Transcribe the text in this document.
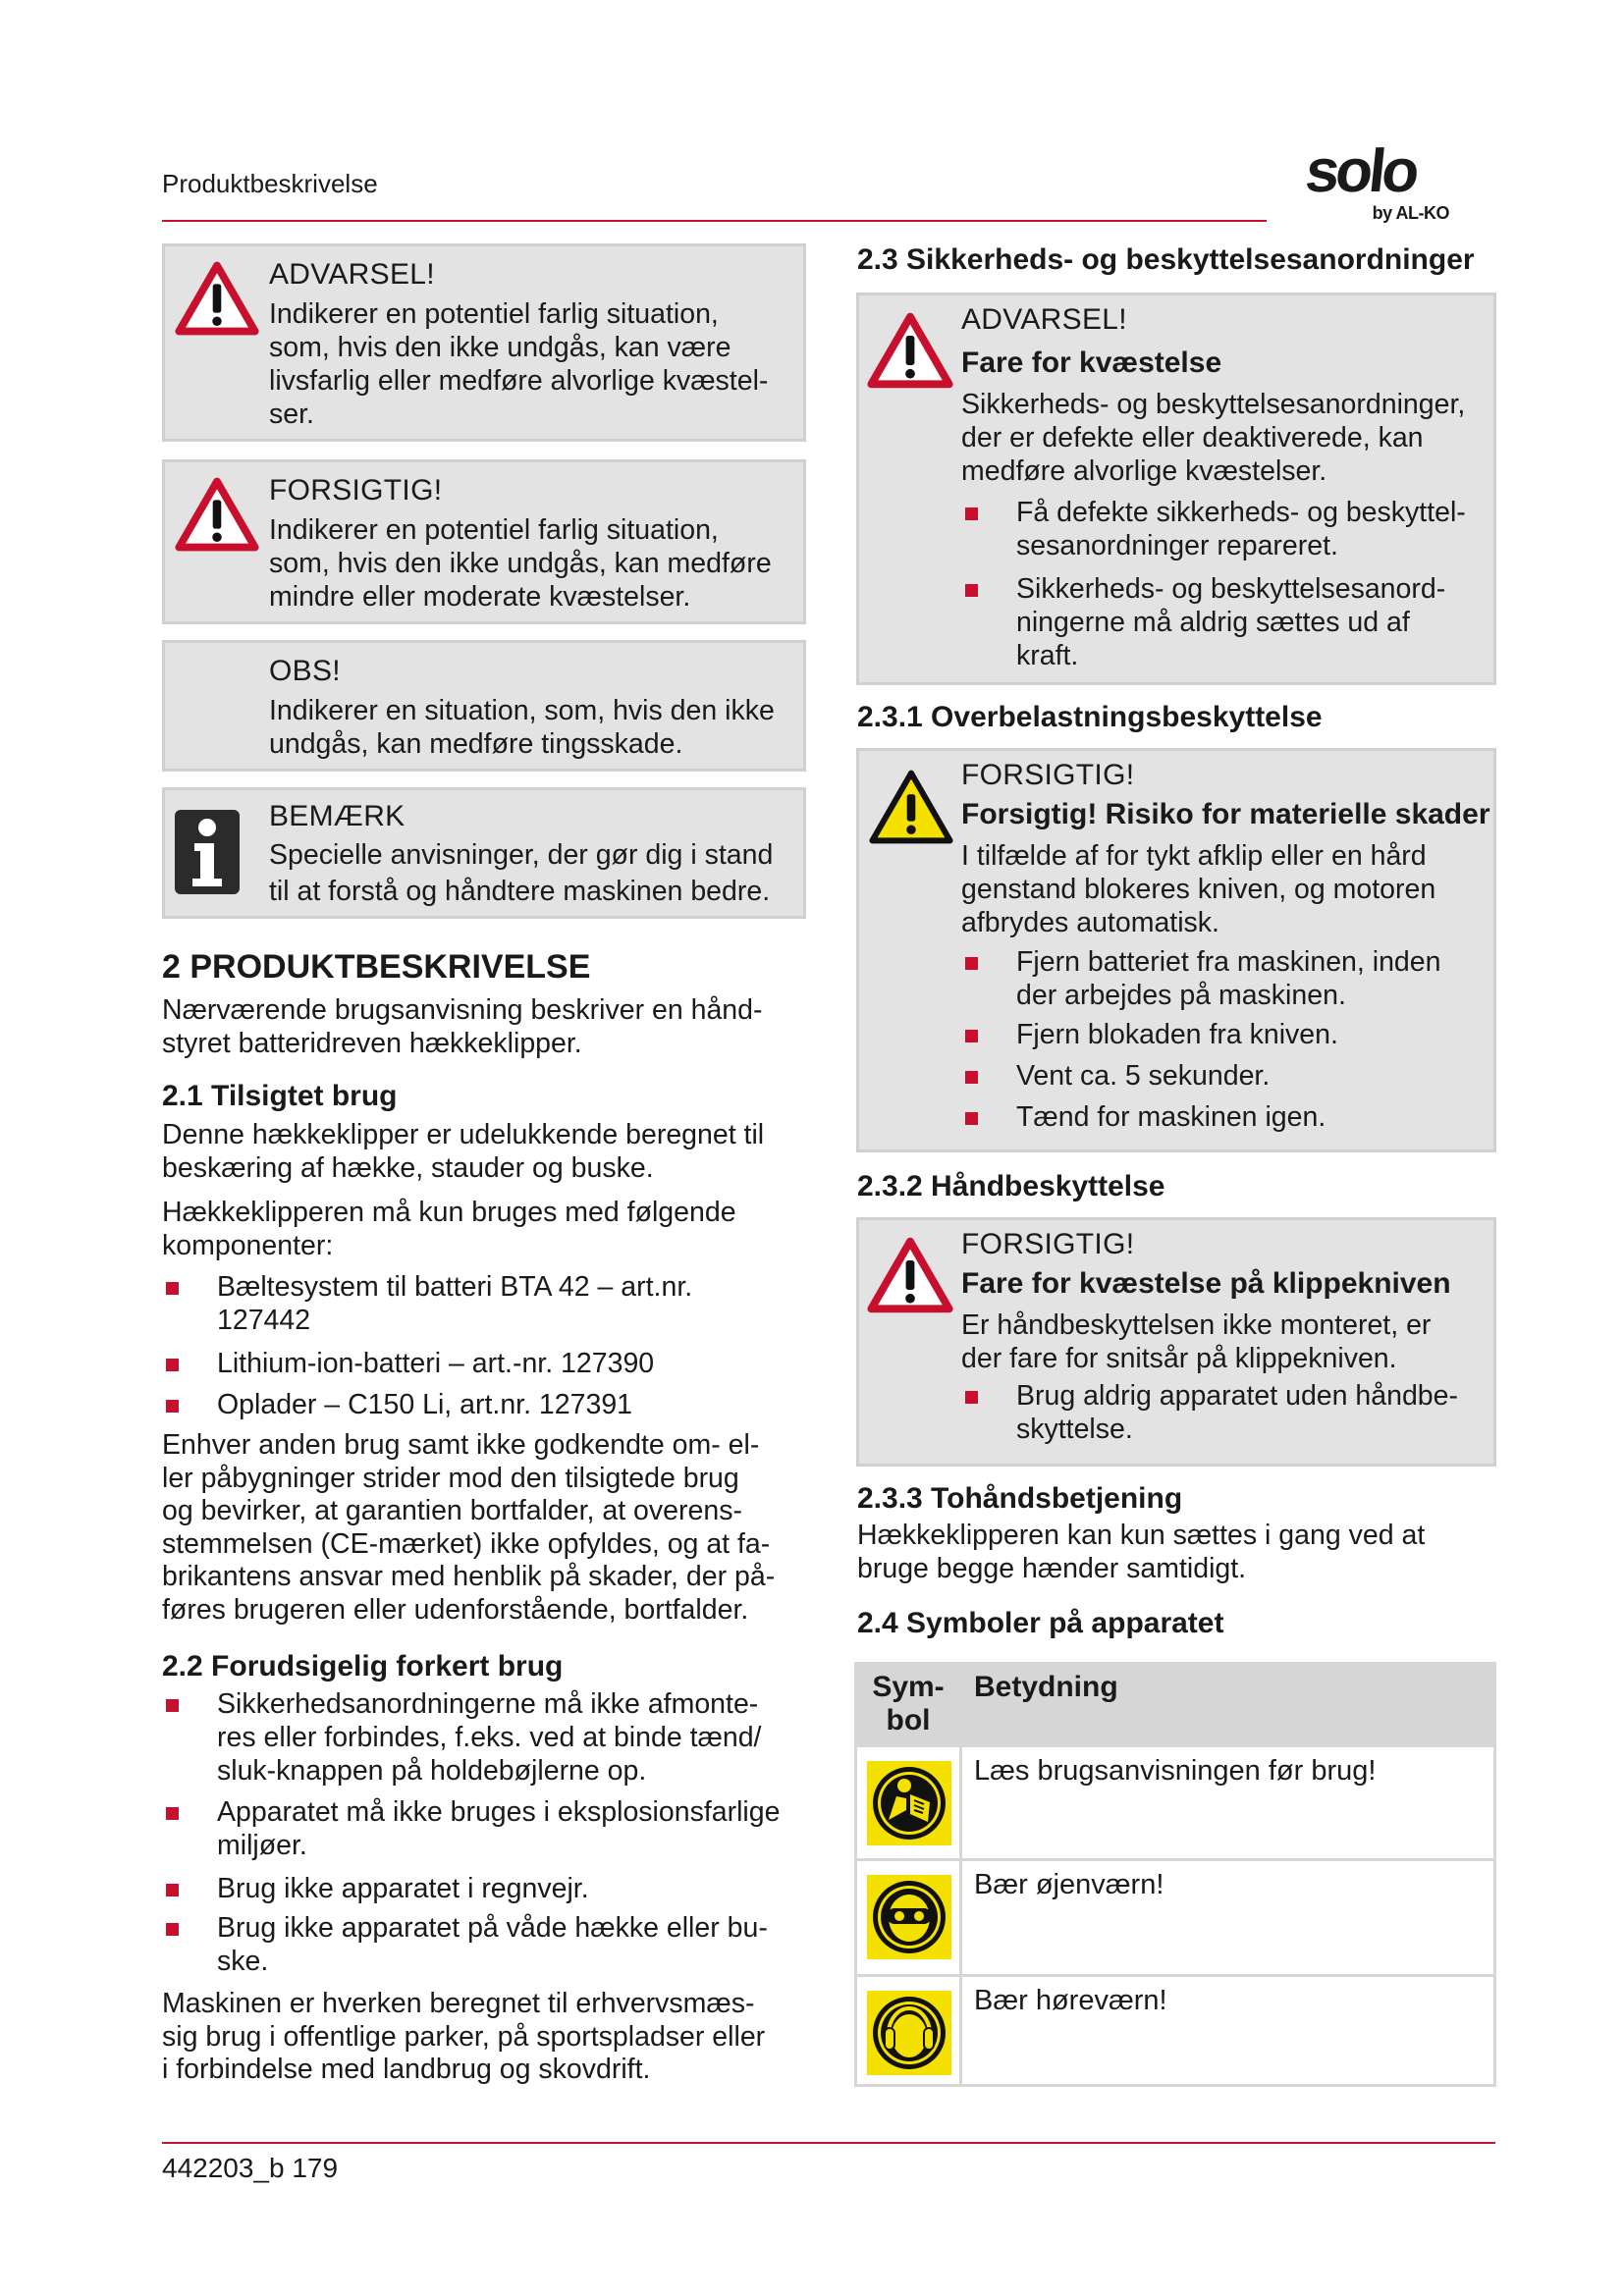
Produktbeskrivelse	solo
by AL-KO
ADVARSEL!
Indikerer en potentiel farlig situation,
som, hvis den ikke undgås, kan være
livsfarlig eller medføre alvorlige kvæstel-
ser.
FORSIGTIG!
Indikerer en potentiel farlig situation,
som, hvis den ikke undgås, kan medføre
mindre eller moderate kvæstelser.
OBS!
Indikerer en situation, som, hvis den ikke
undgås, kan medføre tingsskade.
BEMÆRK
Specielle anvisninger, der gør dig i stand
til at forstå og håndtere maskinen bedre.
2 PRODUKTBESKRIVELSE
Nærværende brugsanvisning beskriver en hånd-
styret batteridreven hækkeklipper.
2.1 Tilsigtet brug
Denne hækkeklipper er udelukkende beregnet til
beskæring af hække, stauder og buske.
Hækkeklipperen må kun bruges med følgende
komponenter:
Bæltesystem til batteri BTA 42 – art.nr.
127442
Lithium-ion-batteri – art.-nr. 127390
Oplader – C150 Li, art.nr. 127391
Enhver anden brug samt ikke godkendte om- el-
ler påbygninger strider mod den tilsigtede brug
og bevirker, at garantien bortfalder, at overens-
stemmelsen (CE-mærket) ikke opfyldes, og at fa-
brikantens ansvar med henblik på skader, der på-
føres brugeren eller udenforstående, bortfalder.
2.2 Forudsigelig forkert brug
Sikkerhedsanordningerne må ikke afmonte-
res eller forbindes, f.eks. ved at binde tænd/
sluk-knappen på holdebøjlerne op.
Apparatet må ikke bruges i eksplosionsfarlige
miljøer.
Brug ikke apparatet i regnvejr.
Brug ikke apparatet på våde hække eller bu-
ske.
Maskinen er hverken beregnet til erhvervsmæs-
sig brug i offentlige parker, på sportspladser eller
i forbindelse med landbrug og skovdrift.
2.3 Sikkerheds- og beskyttelsesanordninger
ADVARSEL!
Fare for kvæstelse
Sikkerheds- og beskyttelsesanordninger,
der er defekte eller deaktiverede, kan
medføre alvorlige kvæstelser.
Få defekte sikkerheds- og beskyttel-
sesanordninger repareret.
Sikkerheds- og beskyttelsesanord-
ningerne må aldrig sættes ud af
kraft.
2.3.1 Overbelastningsbeskyttelse
FORSIGTIG!
Forsigtig! Risiko for materielle skader
I tilfælde af for tykt afklip eller en hård
genstand blokeres kniven, og motoren
afbrydes automatisk.
Fjern batteriet fra maskinen, inden
der arbejdes på maskinen.
Fjern blokaden fra kniven.
Vent ca. 5 sekunder.
Tænd for maskinen igen.
2.3.2 Håndbeskyttelse
FORSIGTIG!
Fare for kvæstelse på klippekniven
Er håndbeskyttelsen ikke monteret, er
der fare for snitsår på klippekniven.
Brug aldrig apparatet uden håndbe-
skyttelse.
2.3.3 Tohåndsbetjening
Hækkeklipperen kan kun sættes i gang ved at
bruge begge hænder samtidigt.
2.4 Symboler på apparatet
Sym-
bol	Betydning
	Læs brugsanvisningen før brug!
	Bær øjenværn!
	Bær høreværn!
442203_b 179
